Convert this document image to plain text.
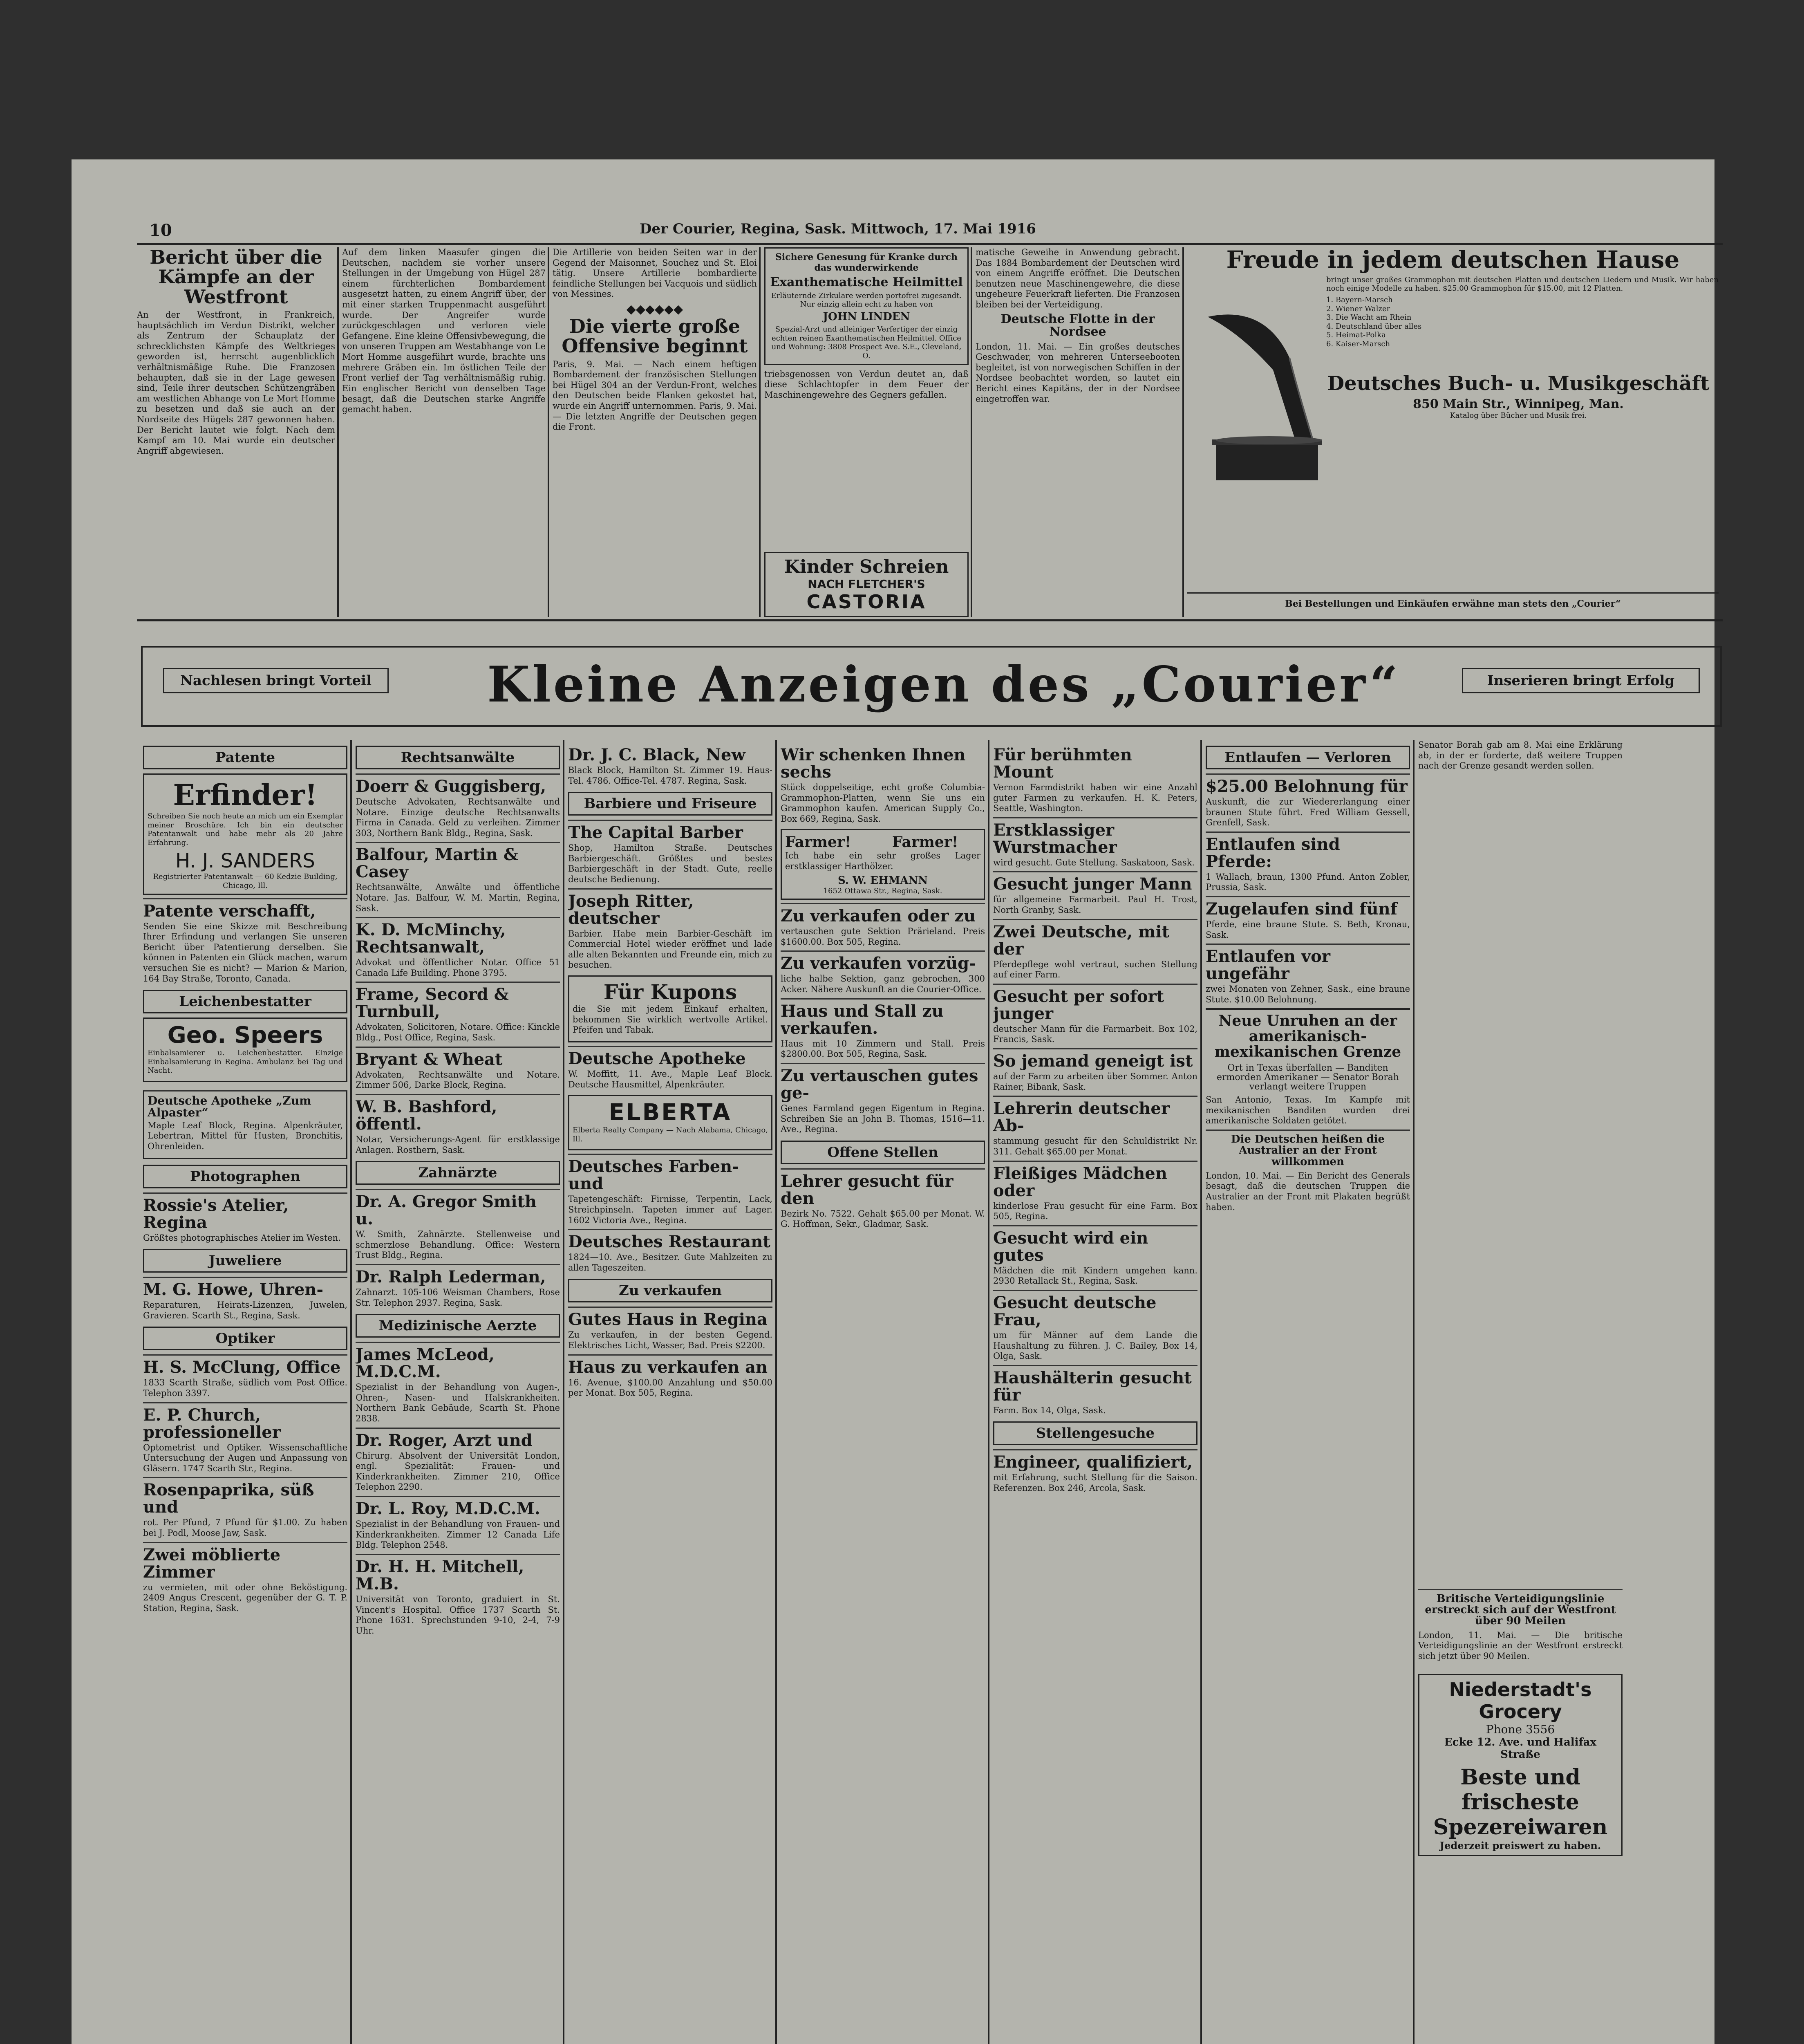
10	Der Courier, Regina, Sask. Mittwoch, 17. Mai 1916
Bericht über die Kämpfe an der Westfront
An der Westfront, in Frankreich, hauptsächlich im Verdun Distrikt, welcher als Zentrum der Schauplatz der schrecklichsten Kämpfe des Weltkrieges geworden ist, herrscht augenblicklich verhältnismäßige Ruhe. Die Franzosen behaupten, daß sie in der Lage gewesen sind, Teile ihrer deutschen Schützengräben am westlichen Abhange von Le Mort Homme zu besetzen und daß sie auch an der Nordseite des Hügels 287 gewonnen haben. Der Bericht lautet wie folgt. Nach dem Kampf am 10. Mai wurde ein deutscher Angriff abgewiesen.
Auf dem linken Maasufer gingen die Deutschen, nachdem sie vorher unsere Stellungen in der Umgebung von Hügel 287 einem fürchterlichen Bombardement ausgesetzt hatten, zu einem Angriff über, der mit einer starken Truppenmacht ausgeführt wurde. Der Angreifer wurde zurückgeschlagen und verloren viele Gefangene. Eine kleine Offensivbewegung, die von unseren Truppen am Westabhange von Le Mort Homme ausgeführt wurde, brachte uns mehrere Gräben ein. Im östlichen Teile der Front verlief der Tag verhältnismäßig ruhig. Ein englischer Bericht von denselben Tage besagt, daß die Deutschen starke Angriffe gemacht haben.
Die Artillerie von beiden Seiten war in der Gegend der Maisonnet, Souchez und St. Eloi tätig. Unsere Artillerie bombardierte feindliche Stellungen bei Vacquois und südlich von Messines.
◆◆◆◆◆◆
Die vierte große Offensive beginnt
Paris, 9. Mai. — Nach einem heftigen Bombardement der französischen Stellungen bei Hügel 304 an der Verdun-Front, welches den Deutschen beide Flanken gekostet hat, wurde ein Angriff unternommen. Paris, 9. Mai. — Die letzten Angriffe der Deutschen gegen die Front.
Sichere Genesung für Kranke durch das wunderwirkende
Exanthematische Heilmittel
Erläuternde Zirkulare werden portofrei zugesandt. Nur einzig allein echt zu haben von
JOHN LINDEN
Spezial-Arzt und alleiniger Verfertiger der einzig echten reinen Exanthematischen Heilmittel. Office und Wohnung: 3808 Prospect Ave. S.E., Cleveland, O.
triebsgenossen von Verdun deutet an, daß diese Schlachtopfer in dem Feuer der Maschinengewehre des Gegners gefallen.
Kinder Schreien
NACH FLETCHER'S
CASTORIA
matische Geweihe in Anwendung gebracht. Das 1884 Bombardement der Deutschen wird von einem Angriffe eröffnet. Die Deutschen benutzen neue Maschinengewehre, die diese ungeheure Feuerkraft lieferten. Die Franzosen bleiben bei der Verteidigung.
Deutsche Flotte in der Nordsee
London, 11. Mai. — Ein großes deutsches Geschwader, von mehreren Unterseebooten begleitet, ist von norwegischen Schiffen in der Nordsee beobachtet worden, so lautet ein Bericht eines Kapitäns, der in der Nordsee eingetroffen war.
Freude in jedem deutschen Hause
bringt unser großes Grammophon mit deutschen Platten und deutschen Liedern und Musik. Wir haben noch einige Modelle zu haben. $25.00 Grammophon für $15.00, mit 12 Platten.
1. Bayern-Marsch
2. Wiener Walzer
3. Die Wacht am Rhein
4. Deutschland über alles
5. Heimat-Polka
6. Kaiser-Marsch
Deutsches Buch- u. Musikgeschäft
850 Main Str., Winnipeg, Man.
Katalog über Bücher und Musik frei.
Bei Bestellungen und Einkäufen erwähne man stets den „Courier“
Nachlesen bringt Vorteil	Kleine Anzeigen des „Courier“	Inserieren bringt Erfolg
Patente
Erfinder!
Schreiben Sie noch heute an mich um ein Exemplar meiner Broschüre. Ich bin ein deutscher Patentanwalt und habe mehr als 20 Jahre Erfahrung.
H. J. SANDERS
Registrierter Patentanwalt — 60 Kedzie Building, Chicago, Ill.
Patente verschafft,
Senden Sie eine Skizze mit Beschreibung Ihrer Erfindung und verlangen Sie unseren Bericht über Patentierung derselben. Sie können in Patenten ein Glück machen, warum versuchen Sie es nicht? — Marion & Marion, 164 Bay Straße, Toronto, Canada.
Leichenbestatter
Geo. Speers
Einbalsamierer u. Leichenbestatter. Einzige Einbalsamierung in Regina. Ambulanz bei Tag und Nacht.
Deutsche Apotheke „Zum Alpaster“
Maple Leaf Block, Regina. Alpenkräuter, Lebertran, Mittel für Husten, Bronchitis, Ohrenleiden.
Photographen
Rossie's Atelier, Regina
Größtes photographisches Atelier im Westen.
Juweliere
M. G. Howe, Uhren-
Reparaturen, Heirats-Lizenzen, Juwelen, Gravieren. Scarth St., Regina, Sask.
Optiker
H. S. McClung, Office
1833 Scarth Straße, südlich vom Post Office. Telephon 3397.
E. P. Church, professioneller
Optometrist und Optiker. Wissenschaftliche Untersuchung der Augen und Anpassung von Gläsern. 1747 Scarth Str., Regina.
Rosenpaprika, süß und
rot. Per Pfund, 7 Pfund für $1.00. Zu haben bei J. Podl, Moose Jaw, Sask.
Zwei möblierte Zimmer
zu vermieten, mit oder ohne Beköstigung. 2409 Angus Crescent, gegenüber der G. T. P. Station, Regina, Sask.
Rechtsanwälte
Doerr & Guggisberg,
Deutsche Advokaten, Rechtsanwälte und Notare. Einzige deutsche Rechtsanwalts Firma in Canada. Geld zu verleihen. Zimmer 303, Northern Bank Bldg., Regina, Sask.
Balfour, Martin & Casey
Rechtsanwälte, Anwälte und öffentliche Notare. Jas. Balfour, W. M. Martin, Regina, Sask.
K. D. McMinchy, Rechtsanwalt,
Advokat und öffentlicher Notar. Office 51 Canada Life Building. Phone 3795.
Frame, Secord & Turnbull,
Advokaten, Solicitoren, Notare. Office: Kinckle Bldg., Post Office, Regina, Sask.
Bryant & Wheat
Advokaten, Rechtsanwälte und Notare. Zimmer 506, Darke Block, Regina.
W. B. Bashford, öffentl.
Notar, Versicherungs-Agent für erstklassige Anlagen. Rosthern, Sask.
Zahnärzte
Dr. A. Gregor Smith u.
W. Smith, Zahnärzte. Stellenweise und schmerzlose Behandlung. Office: Western Trust Bldg., Regina.
Dr. Ralph Lederman,
Zahnarzt. 105-106 Weisman Chambers, Rose Str. Telephon 2937. Regina, Sask.
Medizinische Aerzte
James McLeod, M.D.C.M.
Spezialist in der Behandlung von Augen-, Ohren-, Nasen- und Halskrankheiten. Northern Bank Gebäude, Scarth St. Phone 2838.
Dr. Roger, Arzt und
Chirurg. Absolvent der Universität London, engl. Spezialität: Frauen- und Kinderkrankheiten. Zimmer 210, Office Telephon 2290.
Dr. L. Roy, M.D.C.M.
Spezialist in der Behandlung von Frauen- und Kinderkrankheiten. Zimmer 12 Canada Life Bldg. Telephon 2548.
Dr. H. H. Mitchell, M.B.
Universität von Toronto, graduiert in St. Vincent's Hospital. Office 1737 Scarth St. Phone 1631. Sprechstunden 9-10, 2-4, 7-9 Uhr.
Dr. J. C. Black, New
Black Block, Hamilton St. Zimmer 19. Haus-Tel. 4786. Office-Tel. 4787. Regina, Sask.
Barbiere und Friseure
The Capital Barber
Shop, Hamilton Straße. Deutsches Barbiergeschäft. Größtes und bestes Barbiergeschäft in der Stadt. Gute, reelle deutsche Bedienung.
Joseph Ritter, deutscher
Barbier. Habe mein Barbier-Geschäft im Commercial Hotel wieder eröffnet und lade alle alten Bekannten und Freunde ein, mich zu besuchen.
Für Kupons
die Sie mit jedem Einkauf erhalten, bekommen Sie wirklich wertvolle Artikel. Pfeifen und Tabak.
Deutsche Apotheke
W. Moffitt, 11. Ave., Maple Leaf Block. Deutsche Hausmittel, Alpenkräuter.
ELBERTA
Elberta Realty Company — Nach Alabama, Chicago, Ill.
Deutsches Farben- und
Tapetengeschäft: Firnisse, Terpentin, Lack, Streichpinseln. Tapeten immer auf Lager. 1602 Victoria Ave., Regina.
Deutsches Restaurant
1824—10. Ave., Besitzer. Gute Mahlzeiten zu allen Tageszeiten.
Zu verkaufen
Gutes Haus in Regina
Zu verkaufen, in der besten Gegend. Elektrisches Licht, Wasser, Bad. Preis $2200.
Haus zu verkaufen an
16. Avenue, $100.00 Anzahlung und $50.00 per Monat. Box 505, Regina.
Wir schenken Ihnen sechs
Stück doppelseitige, echt große Columbia-Grammophon-Platten, wenn Sie uns ein Grammophon kaufen. American Supply Co., Box 669, Regina, Sask.
Farmer!        Farmer!
Ich habe ein sehr großes Lager erstklassiger Harthölzer.
S. W. EHMANN
1652 Ottawa Str., Regina, Sask.
Zu verkaufen oder zu
vertauschen gute Sektion Prärieland. Preis $1600.00. Box 505, Regina.
Zu verkaufen vorzüg-
liche halbe Sektion, ganz gebrochen, 300 Acker. Nähere Auskunft an die Courier-Office.
Haus und Stall zu verkaufen.
Haus mit 10 Zimmern und Stall. Preis $2800.00. Box 505, Regina, Sask.
Zu vertauschen gutes ge-
Genes Farmland gegen Eigentum in Regina. Schreiben Sie an John B. Thomas, 1516—11. Ave., Regina.
Offene Stellen
Lehrer gesucht für den
Bezirk No. 7522. Gehalt $65.00 per Monat. W. G. Hoffman, Sekr., Gladmar, Sask.
Für berühmten Mount
Vernon Farmdistrikt haben wir eine Anzahl guter Farmen zu verkaufen. H. K. Peters, Seattle, Washington.
Erstklassiger Wurstmacher
wird gesucht. Gute Stellung. Saskatoon, Sask.
Gesucht junger Mann
für allgemeine Farmarbeit. Paul H. Trost, North Granby, Sask.
Zwei Deutsche, mit der
Pferdepflege wohl vertraut, suchen Stellung auf einer Farm.
Gesucht per sofort junger
deutscher Mann für die Farmarbeit. Box 102, Francis, Sask.
So jemand geneigt ist
auf der Farm zu arbeiten über Sommer. Anton Rainer, Bibank, Sask.
Lehrerin deutscher Ab-
stammung gesucht für den Schuldistrikt Nr. 311. Gehalt $65.00 per Monat.
Fleißiges Mädchen oder
kinderlose Frau gesucht für eine Farm. Box 505, Regina.
Gesucht wird ein gutes
Mädchen die mit Kindern umgehen kann. 2930 Retallack St., Regina, Sask.
Gesucht deutsche Frau,
um für Männer auf dem Lande die Haushaltung zu führen. J. C. Bailey, Box 14, Olga, Sask.
Haushälterin gesucht für
Farm. Box 14, Olga, Sask.
Stellengesuche
Engineer, qualifiziert,
mit Erfahrung, sucht Stellung für die Saison. Referenzen. Box 246, Arcola, Sask.
Entlaufen — Verloren
$25.00 Belohnung für
Auskunft, die zur Wiedererlangung einer braunen Stute führt. Fred William Gessell, Grenfell, Sask.
Entlaufen sind Pferde:
1 Wallach, braun, 1300 Pfund. Anton Zobler, Prussia, Sask.
Zugelaufen sind fünf
Pferde, eine braune Stute. S. Beth, Kronau, Sask.
Entlaufen vor ungefähr
zwei Monaten von Zehner, Sask., eine braune Stute. $10.00 Belohnung.
Neue Unruhen an der amerikanisch-mexikanischen Grenze
Ort in Texas überfallen — Banditen ermorden Amerikaner — Senator Borah verlangt weitere Truppen
San Antonio, Texas. Im Kampfe mit mexikanischen Banditen wurden drei amerikanische Soldaten getötet.
Die Deutschen heißen die Australier an der Front willkommen
London, 10. Mai. — Ein Bericht des Generals besagt, daß die deutschen Truppen die Australier an der Front mit Plakaten begrüßt haben.
Senator Borah gab am 8. Mai eine Erklärung ab, in der er forderte, daß weitere Truppen nach der Grenze gesandt werden sollen.
Britische Verteidigungslinie erstreckt sich auf der Westfront über 90 Meilen
London, 11. Mai. — Die britische Verteidigungslinie an der Westfront erstreckt sich jetzt über 90 Meilen.
Niederstadt's Grocery
Phone 3556
Ecke 12. Ave. und Halifax Straße
Beste und frischeste Spezereiwaren
Jederzeit preiswert zu haben.
